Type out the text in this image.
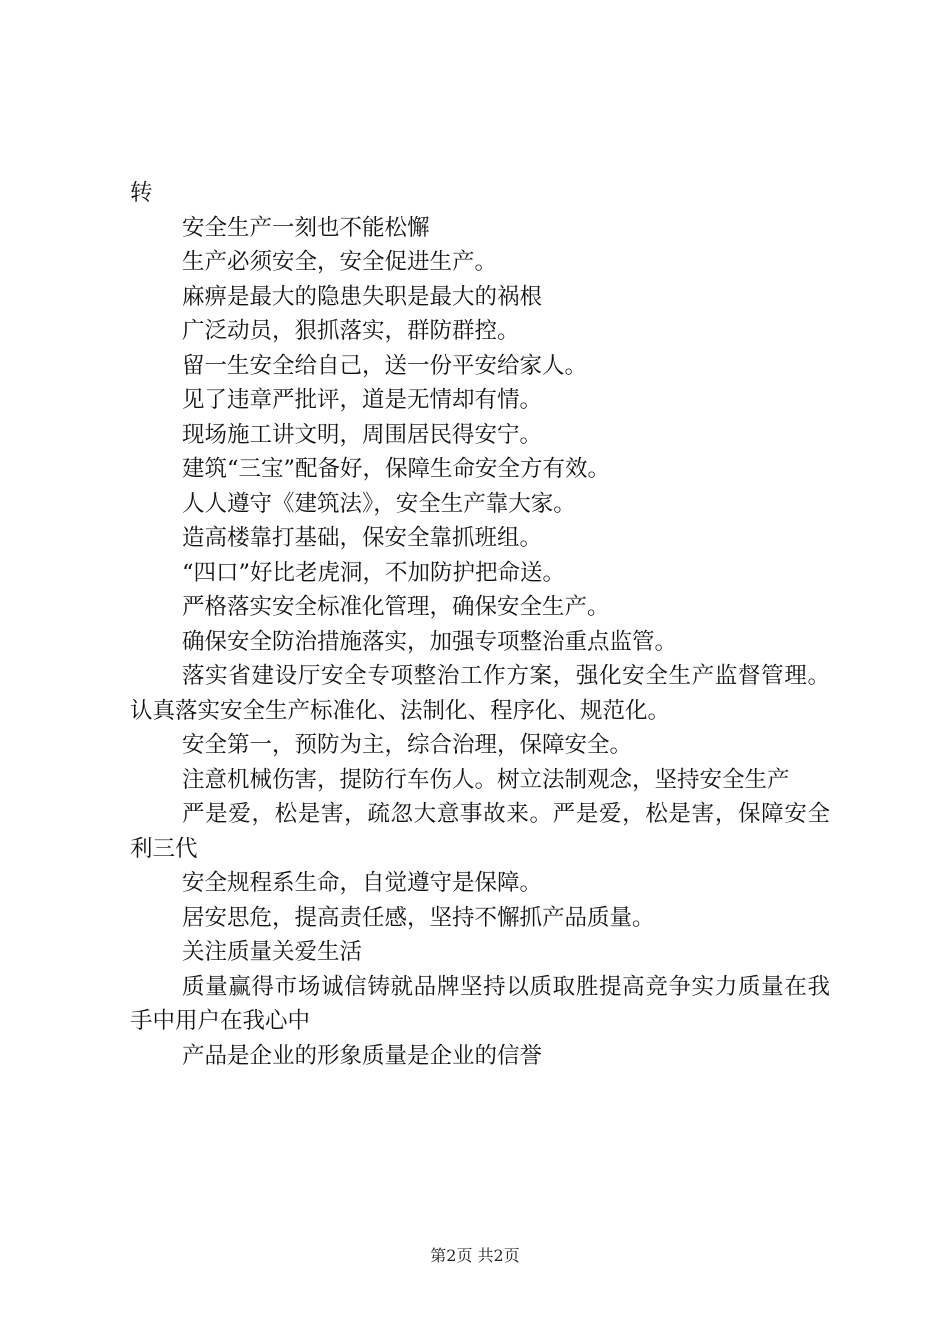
转

安全生产一刻也不能松懈

生产必须安全，安全促进生产。

麻痹是最大的隐患失职是最大的祸根

广泛动员，狠抓落实，群防群控。

留一生安全给自己，送一份平安给家人。

见了违章严批评，道是无情却有情。

现场施工讲文明，周围居民得安宁。

建筑“三宝”配备好，保障生命安全方有效。

人人遵守《建筑法》，安全生产靠大家。

造高楼靠打基础，保安全靠抓班组。

“四口”好比老虎洞，不加防护把命送。

严格落实安全标准化管理，确保安全生产。

确保安全防治措施落实，加强专项整治重点监管。

落实省建设厅安全专项整治工作方案，强化安全生产监督管理。认真落实安全生产标准化、法制化、程序化、规范化。

安全第一，预防为主，综合治理，保障安全。

注意机械伤害，提防行车伤人。树立法制观念，坚持安全生产

严是爱，松是害，疏忽大意事故来。严是爱，松是害，保障安全利三代

安全规程系生命，自觉遵守是保障。

居安思危，提高责任感，坚持不懈抓产品质量。

关注质量关爱生活

质量赢得市场诚信铸就品牌坚持以质取胜提高竞争实力质量在我手中用户在我心中

产品是企业的形象质量是企业的信誉

第2页 共2页
